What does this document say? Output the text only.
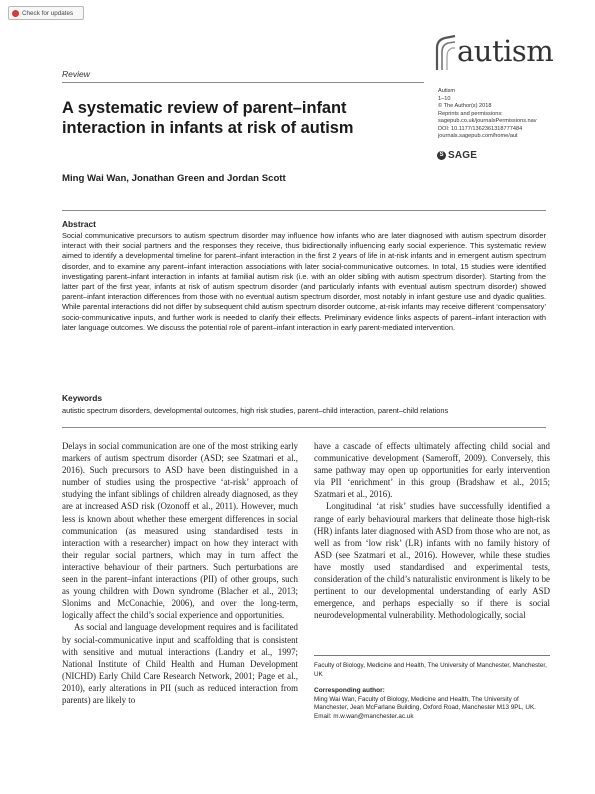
Check for updates
Review
A systematic review of parent–infant interaction in infants at risk of autism
autism
Autism
1–10
© The Author(s) 2018
Reprints and permissions:
sagepub.co.uk/journalsPermissions.nav
DOI: 10.1177/1362361318777484
journals.sagepub.com/home/aut
S SAGE
Ming Wai Wan, Jonathan Green and Jordan Scott
Abstract
Social communicative precursors to autism spectrum disorder may influence how infants who are later diagnosed with autism spectrum disorder interact with their social partners and the responses they receive, thus bidirectionally influencing early social experience. This systematic review aimed to identify a developmental timeline for parent–infant interaction in the first 2 years of life in at-risk infants and in emergent autism spectrum disorder, and to examine any parent–infant interaction associations with later social-communicative outcomes. In total, 15 studies were identified investigating parent–infant interaction in infants at familial autism risk (i.e. with an older sibling with autism spectrum disorder). Starting from the latter part of the first year, infants at risk of autism spectrum disorder (and particularly infants with eventual autism spectrum disorder) showed parent–infant interaction differences from those with no eventual autism spectrum disorder, most notably in infant gesture use and dyadic qualities. While parental interactions did not differ by subsequent child autism spectrum disorder outcome, at-risk infants may receive different ‘compensatory’ socio-communicative inputs, and further work is needed to clarify their effects. Preliminary evidence links aspects of parent–infant interaction with later language outcomes. We discuss the potential role of parent–infant interaction in early parent-mediated intervention.
Keywords
autistic spectrum disorders, developmental outcomes, high risk studies, parent–child interaction, parent–child relations

Delays in social communication are one of the most striking early markers of autism spectrum disorder (ASD; see Szatmari et al., 2016). Such precursors to ASD have been distinguished in a number of studies using the prospective ‘at-risk’ approach of studying the infant siblings of children already diagnosed, as they are at increased ASD risk (Ozonoff et al., 2011). However, much less is known about whether these emergent differences in social communication (as measured using standardised tests in interaction with a researcher) impact on how they interact with their regular social partners, which may in turn affect the interactive behaviour of their partners. Such perturbations are seen in the parent–infant interactions (PII) of other groups, such as young children with Down syndrome (Blacher et al., 2013; Slonims and McConachie, 2006), and over the long-term, logically affect the child’s social experience and opportunities.

As social and language development requires and is facilitated by social-communicative input and scaffolding that is consistent with sensitive and mutual interactions (Landry et al., 1997; National Institute of Child Health and Human Development (NICHD) Early Child Care Research Network, 2001; Page et al., 2010), early alterations in PII (such as reduced interaction from parents) are likely to

have a cascade of effects ultimately affecting child social and communicative development (Sameroff, 2009). Conversely, this same pathway may open up opportunities for early intervention via PII ‘enrichment’ in this group (Bradshaw et al., 2015; Szatmari et al., 2016).

Longitudinal ‘at risk’ studies have successfully identified a range of early behavioural markers that delineate those high-risk (HR) infants later diagnosed with ASD from those who are not, as well as from ‘low risk’ (LR) infants with no family history of ASD (see Szatmari et al., 2016). However, while these studies have mostly used standardised and experimental tests, consideration of the child’s naturalistic environment is likely to be pertinent to our developmental understanding of early ASD emergence, and perhaps especially so if there is social neurodevelopmental vulnerability. Methodologically, social

Faculty of Biology, Medicine and Health, The University of Manchester, Manchester, UK
Corresponding author:
Ming Wai Wan, Faculty of Biology, Medicine and Health, The University of Manchester, Jean McFarlane Building, Oxford Road, Manchester M13 9PL, UK.
Email: m.w.wan@manchester.ac.uk
